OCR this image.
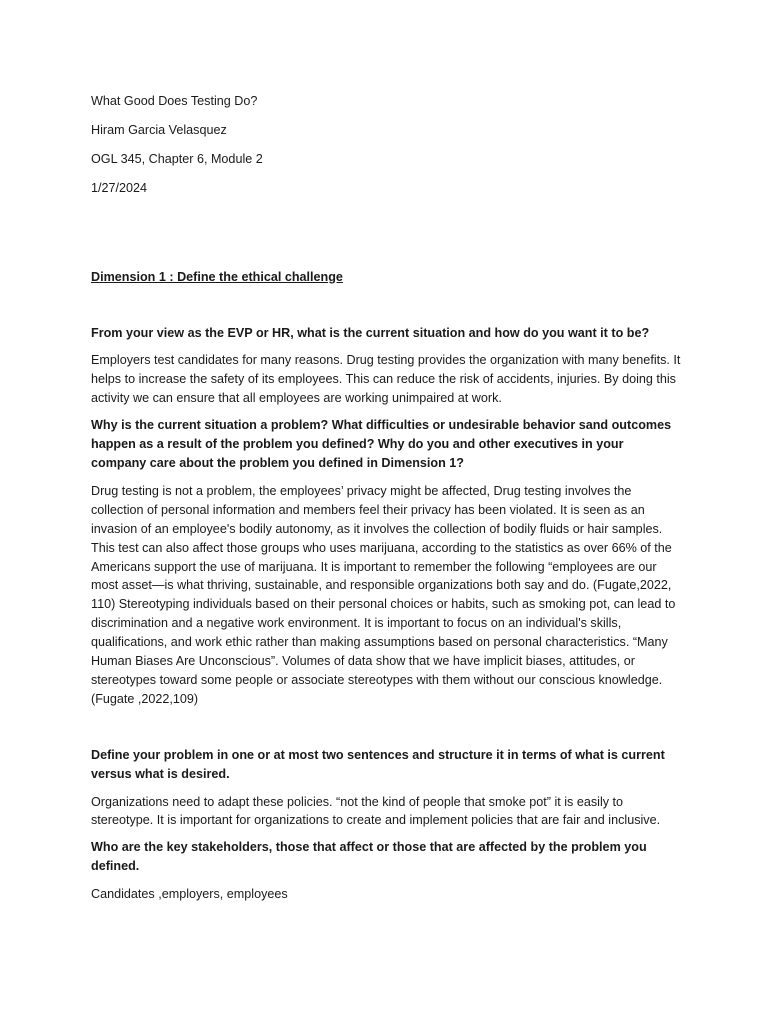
What Good Does Testing Do?

Hiram Garcia Velasquez

OGL 345, Chapter 6, Module 2

1/27/2024

Dimension 1 : Define the ethical challenge

From your view as the EVP or HR, what is the current situation and how do you want it to be?

Employers test candidates for many reasons. Drug testing provides the organization with many benefits. It helps to increase the safety of its employees. This can reduce the risk of accidents, injuries. By doing this activity we can ensure that all employees are working unimpaired at work.

Why is the current situation a problem? What difficulties or undesirable behavior sand outcomes happen as a result of the problem you defined? Why do you and other executives in your company care about the problem you defined in Dimension 1?

Drug testing is not a problem, the employees’ privacy might be affected, Drug testing involves the collection of personal information and members feel their privacy has been violated. It is seen as an invasion of an employee's bodily autonomy, as it involves the collection of bodily fluids or hair samples. This test can also affect those groups who uses marijuana, according to the statistics as over 66% of the Americans support the use of marijuana. It is important to remember the following “employees are our most asset—is what thriving, sustainable, and responsible organizations both say and do. (Fugate,2022, 110) Stereotyping individuals based on their personal choices or habits, such as smoking pot, can lead to discrimination and a negative work environment. It is important to focus on an individual's skills, qualifications, and work ethic rather than making assumptions based on personal characteristics. “Many Human Biases Are Unconscious”. Volumes of data show that we have implicit biases, attitudes, or stereotypes toward some people or associate stereotypes with them without our conscious knowledge.(Fugate ,2022,109)

Define your problem in one or at most two sentences and structure it in terms of what is current versus what is desired.

Organizations need to adapt these policies. “not the kind of people that smoke pot” it is easily to stereotype. It is important for organizations to create and implement policies that are fair and inclusive.

Who are the key stakeholders, those that affect or those that are affected by the problem you defined.

Candidates ,employers, employees
